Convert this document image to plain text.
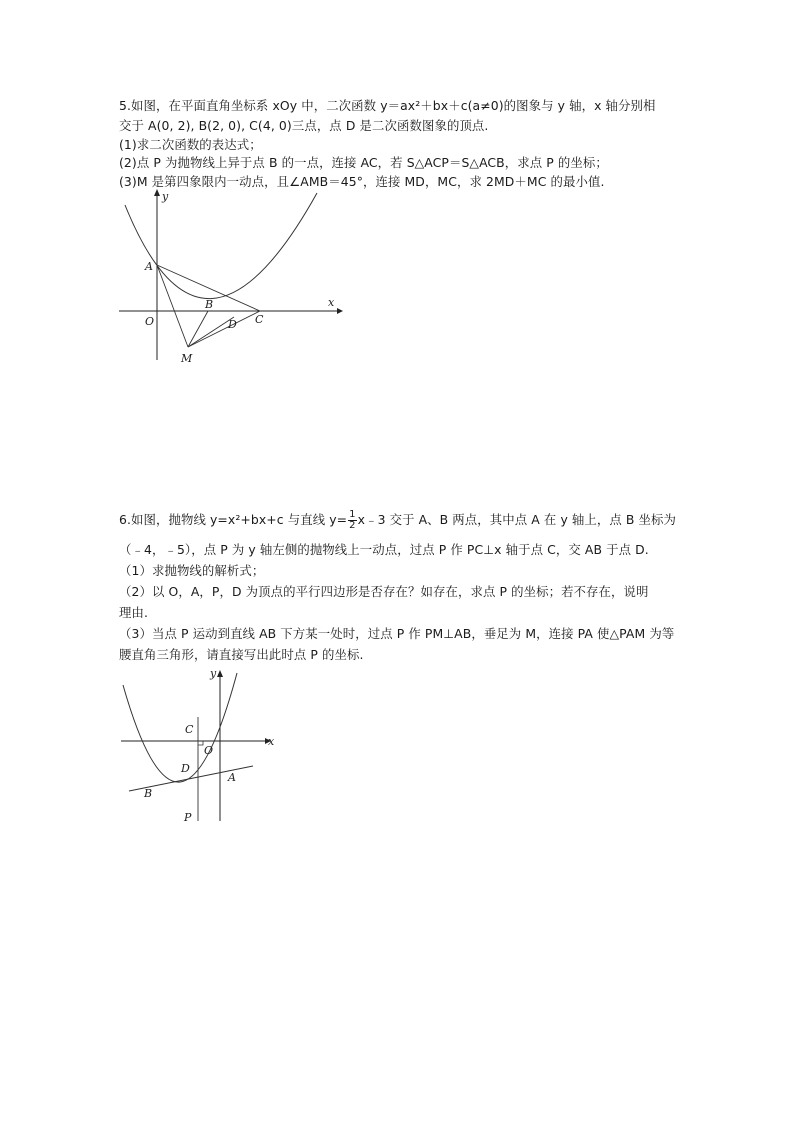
5.如图，在平面直角坐标系 xOy 中，二次函数 y＝ax²＋bx＋c(a≠0)的图象与 y 轴，x 轴分别相
交于 A(0, 2), B(2, 0), C(4, 0)三点，点 D 是二次函数图象的顶点.
(1)求二次函数的表达式；
(2)点 P 为抛物线上异于点 B 的一点，连接 AC，若 S△ACP＝S△ACB，求点 P 的坐标；
(3)M 是第四象限内一动点，且∠AMB＝45°，连接 MD，MC，求 2MD＋MC 的最小值.
y
x
A
B
D C
O
M
6.如图，抛物线 y=x²+bx+c 与直线 $y= \frac{1}{2}$ x﹣3 交于 A、B 两点，其中点 A 在 y 轴上，点 B 坐标为
（﹣4，﹣5），点 P 为 y 轴左侧的抛物线上一动点，过点 P 作 PC⊥x 轴于点 C，交 AB 于点 D.
（1）求抛物线的解析式；
（2）以 O，A，P，D 为顶点的平行四边形是否存在？如存在，求点 P 的坐标；若不存在，说明
理由.
（3）当点 P 运动到直线 AB 下方某一处时，过点 P 作 PM⊥AB，垂足为 M，连接 PA 使△PAM 为等
腰直角三角形，请直接写出此时点 P 的坐标.
y
x
C
O
D
A
B
P
